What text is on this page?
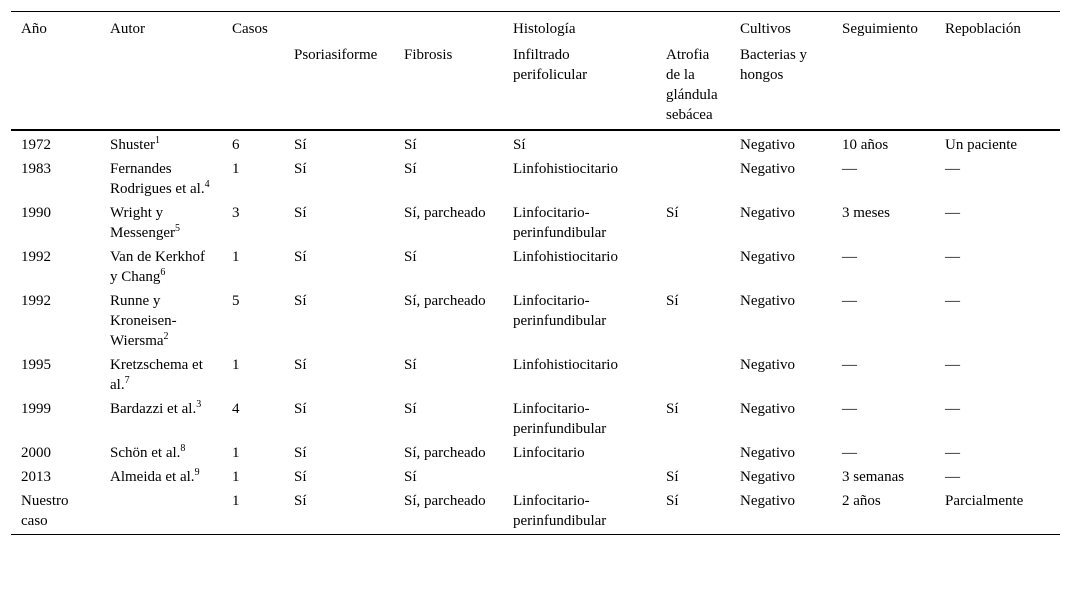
Año	Autor	Casos			Histología		Cultivos	Seguimiento	Repoblación
			Psoriasiforme	Fibrosis	Infiltrado perifolicular	Atrofia de la glándula sebácea	Bacterias y hongos		
1972	Shuster$^1$	6	Sí	Sí	Sí		Negativo	10 años	Un paciente
1983	Fernandes Rodrigues et al.$^4$	1	Sí	Sí	Linfohistiocitario		Negativo	—	—
1990	Wright y Messenger$^5$	3	Sí	Sí, parcheado	Linfocitario-perinfundibular	Sí	Negativo	3 meses	—
1992	Van de Kerkhof y Chang$^6$	1	Sí	Sí	Linfohistiocitario		Negativo	—	—
1992	Runne y Kroneisen-Wiersma$^2$	5	Sí	Sí, parcheado	Linfocitario-perinfundibular	Sí	Negativo	—	—
1995	Kretzschema et al.$^7$	1	Sí	Sí	Linfohistiocitario		Negativo	—	—
1999	Bardazzi et al.$^3$	4	Sí	Sí	Linfocitario-perinfundibular	Sí	Negativo	—	—
2000	Schön et al.$^8$	1	Sí	Sí, parcheado	Linfocitario		Negativo	—	—
2013	Almeida et al.$^9$	1	Sí	Sí		Sí	Negativo	3 semanas	—
Nuestro caso		1	Sí	Sí, parcheado	Linfocitario-perinfundibular	Sí	Negativo	2 años	Parcialmente
